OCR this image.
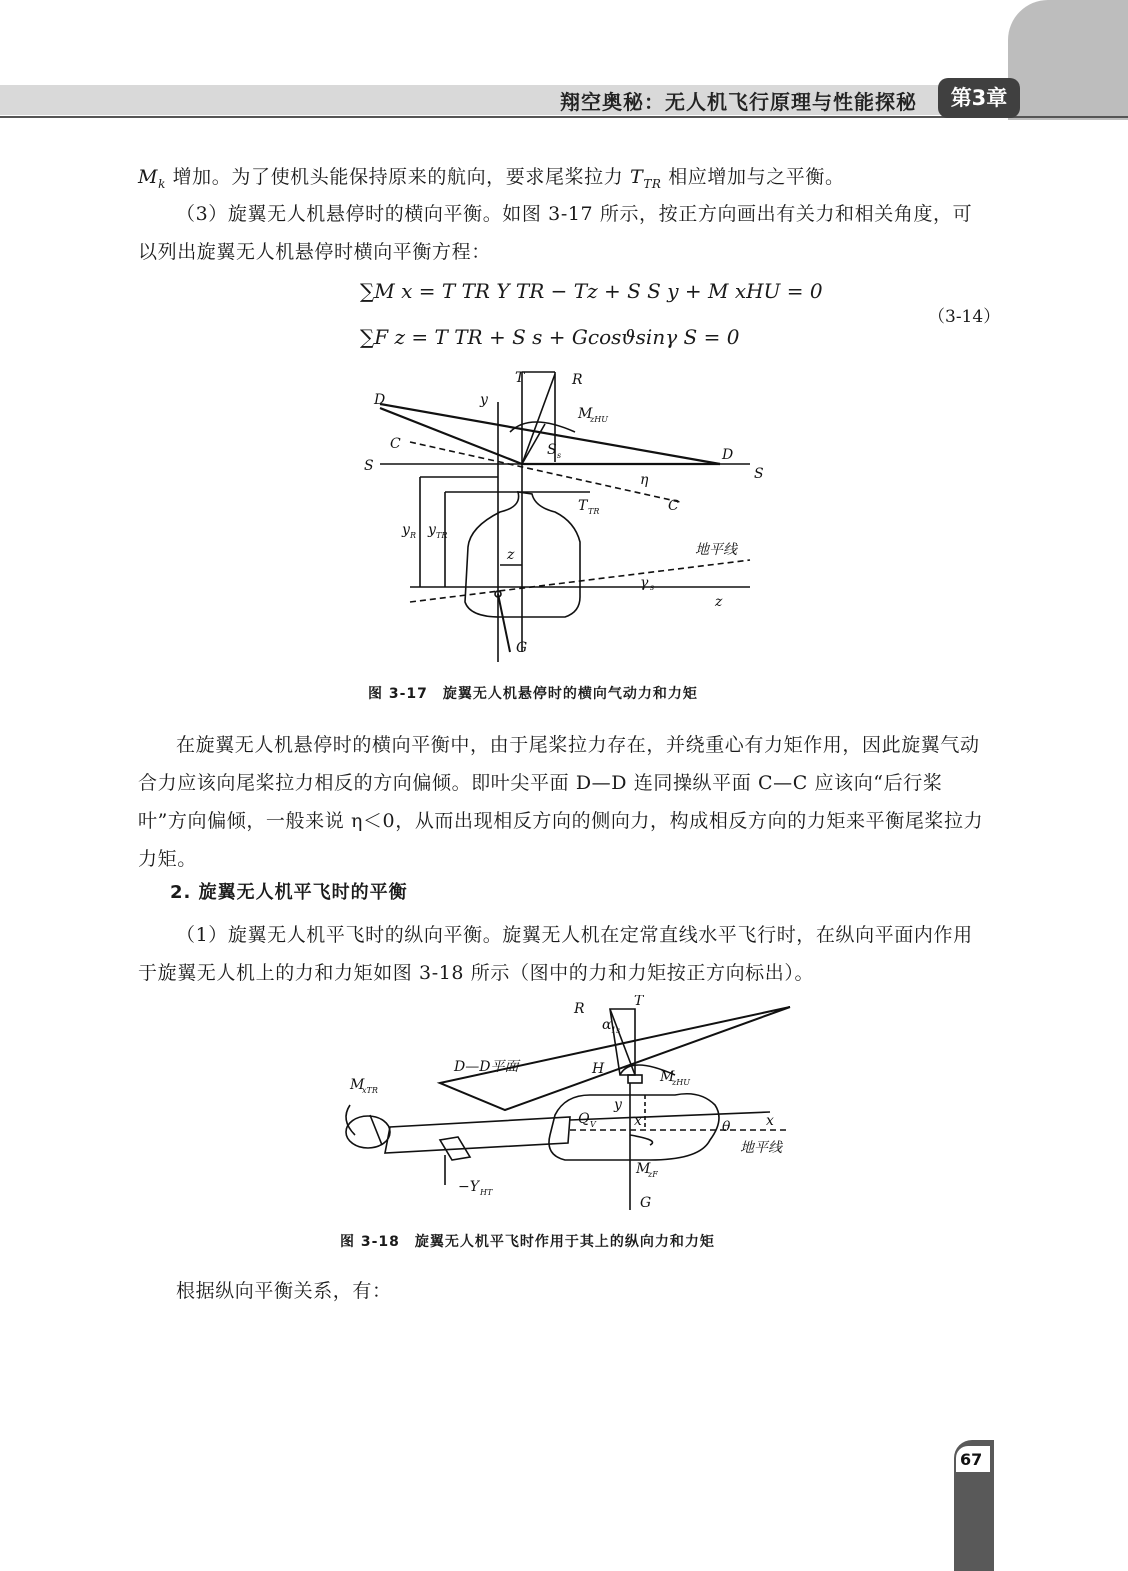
翔空奥秘：无人机飞行原理与性能探秘	第3章

$M_k$ 增加。为了使机头能保持原来的航向，要求尾桨拉力 $T_{TR}$ 相应增加与之平衡。

（3）旋翼无人机悬停时的横向平衡。如图 3-17 所示，按正方向画出有关力和相关角度，可以列出旋翼无人机悬停时横向平衡方程：

∑M x = T TR Y TR − Tz + S S y + M xHU = 0
∑F z = T TR + S s + Gcosϑsinγ S = 0
（3-14）
T	R
y
D
D
C
C
S	S
M
zHU
S s
η
T TR
y R y TR
z	地平线
γ s
z
G
图 3-17　旋翼无人机悬停时的横向气动力和力矩

在旋翼无人机悬停时的横向平衡中，由于尾桨拉力存在，并绕重心有力矩作用，因此旋翼气动合力应该向尾桨拉力相反的方向偏倾。即叶尖平面 D—D 连同操纵平面 C—C 应该向“后行桨叶”方向偏倾，一般来说 η＜0，从而出现相反方向的侧向力，构成相反方向的力矩来平衡尾桨拉力力矩。

2. 旋翼无人机平飞时的平衡

（1）旋翼无人机平飞时的纵向平衡。旋翼无人机在定常直线水平飞行时，在纵向平面内作用于旋翼无人机上的力和力矩如图 3-18 所示（图中的力和力矩按正方向标出）。

R	T
α 1s
D—D平面	H	M
zHU
M
xTR
Q V
y
x	x
θ
地平线
−Y HT
M
zF
G
图 3-18　旋翼无人机平飞时作用于其上的纵向力和力矩

根据纵向平衡关系，有：

67
